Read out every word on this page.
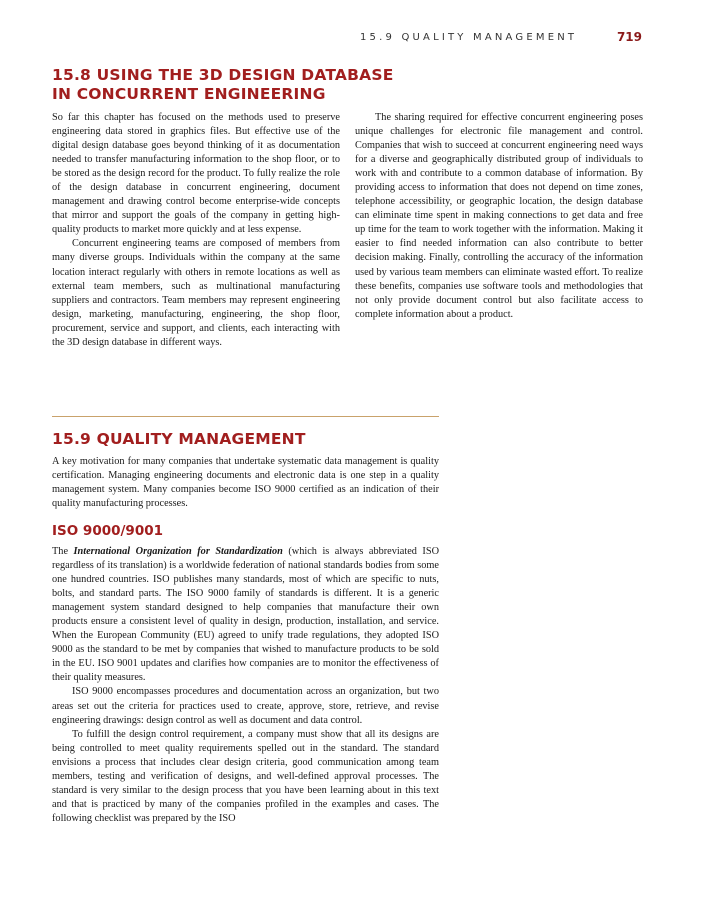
15.9 QUALITY MANAGEMENT	719
15.8 USING THE 3D DESIGN DATABASE
IN CONCURRENT ENGINEERING

So far this chapter has focused on the methods used to preserve engineering data stored in graphics files. But effective use of the digital design database goes beyond thinking of it as documentation needed to transfer manufacturing information to the shop floor, or to be stored as the design record for the product. To fully realize the role of the design database in concurrent engineering, document management and drawing control become enterprise-wide concepts that mirror and support the goals of the company in getting high-quality products to market more quickly and at less expense.

Concurrent engineering teams are composed of members from many diverse groups. Individuals within the company at the same location interact regularly with others in remote locations as well as external team members, such as multinational manufacturing suppliers and contractors. Team members may represent engineering design, marketing, manufacturing, engineering, the shop floor, procurement, service and support, and clients, each interacting with the 3D design database in different ways.

The sharing required for effective concurrent engineering poses unique challenges for electronic file management and control. Companies that wish to succeed at concurrent engineering need ways for a diverse and geographically distributed group of individuals to work with and contribute to a common database of information. By providing access to information that does not depend on time zones, telephone accessibility, or geographic location, the design database can eliminate time spent in making connections to get data and free up time for the team to work together with the information. Making it easier to find needed information can also contribute to better decision making. Finally, controlling the accuracy of the information used by various team members can eliminate wasted effort. To realize these benefits, companies use software tools and methodologies that not only provide document control but also facilitate access to complete information about a product.

15.9 QUALITY MANAGEMENT

A key motivation for many companies that undertake systematic data management is quality certification. Managing engineering documents and electronic data is one step in a quality management system. Many companies become ISO 9000 certified as an indication of their quality manufacturing processes.

ISO 9000/9001

The International Organization for Standardization (which is always abbreviated ISO regardless of its translation) is a worldwide federation of national standards bodies from some one hundred countries. ISO publishes many standards, most of which are specific to nuts, bolts, and standard parts. The ISO 9000 family of standards is different. It is a generic management system standard designed to help companies that manufacture their own products ensure a consistent level of quality in design, production, installation, and service. When the European Community (EU) agreed to unify trade regulations, they adopted ISO 9000 as the standard to be met by companies that wished to manufacture products to be sold in the EU. ISO 9001 updates and clarifies how companies are to monitor the effectiveness of their quality measures.

ISO 9000 encompasses procedures and documentation across an organization, but two areas set out the criteria for practices used to create, approve, store, retrieve, and revise engineering drawings: design control as well as document and data control.

To fulfill the design control requirement, a company must show that all its designs are being controlled to meet quality requirements spelled out in the standard. The standard envisions a process that includes clear design criteria, good communication among team members, testing and verification of designs, and well-defined approval processes. The standard is very similar to the design process that you have been learning about in this text and that is practiced by many of the companies profiled in the examples and cases. The following checklist was prepared by the ISO
